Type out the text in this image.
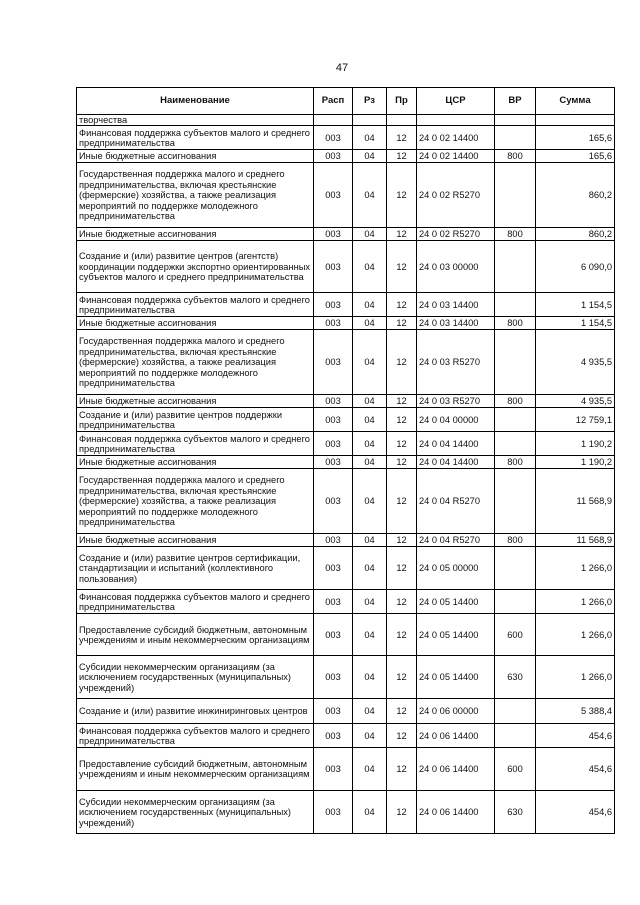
47
Наименование	Расп	Рз	Пр	ЦСР	ВР	Сумма
творчества						
Финансовая поддержка субъектов малого и среднего предпринимательства	003	04	12	24 0 02 14400		165,6
Иные бюджетные ассигнования	003	04	12	24 0 02 14400	800	165,6
Государственная поддержка малого и среднего предпринимательства, включая крестьянские (фермерские) хозяйства, а также реализация мероприятий по поддержке молодежного предпринимательства	003	04	12	24 0 02 R5270		860,2
Иные бюджетные ассигнования	003	04	12	24 0 02 R5270	800	860,2
Создание и (или) развитие центров (агентств) координации поддержки экспортно ориентированных субъектов малого и среднего предпринимательства	003	04	12	24 0 03 00000		6 090,0
Финансовая поддержка субъектов малого и среднего предпринимательства	003	04	12	24 0 03 14400		1 154,5
Иные бюджетные ассигнования	003	04	12	24 0 03 14400	800	1 154,5
Государственная поддержка малого и среднего предпринимательства, включая крестьянские (фермерские) хозяйства, а также реализация мероприятий по поддержке молодежного предпринимательства	003	04	12	24 0 03 R5270		4 935,5
Иные бюджетные ассигнования	003	04	12	24 0 03 R5270	800	4 935,5
Создание и (или) развитие центров поддержки предпринимательства	003	04	12	24 0 04 00000		12 759,1
Финансовая поддержка субъектов малого и среднего предпринимательства	003	04	12	24 0 04 14400		1 190,2
Иные бюджетные ассигнования	003	04	12	24 0 04 14400	800	1 190,2
Государственная поддержка малого и среднего предпринимательства, включая крестьянские (фермерские) хозяйства, а также реализация мероприятий по поддержке молодежного предпринимательства	003	04	12	24 0 04 R5270		11 568,9
Иные бюджетные ассигнования	003	04	12	24 0 04 R5270	800	11 568,9
Создание и (или) развитие центров сертификации, стандартизации и испытаний (коллективного пользования)	003	04	12	24 0 05 00000		1 266,0
Финансовая поддержка субъектов малого и среднего предпринимательства	003	04	12	24 0 05 14400		1 266,0
Предоставление субсидий бюджетным, автономным учреждениям и иным некоммерческим организациям	003	04	12	24 0 05 14400	600	1 266,0
Субсидии некоммерческим организациям (за исключением государственных (муниципальных) учреждений)	003	04	12	24 0 05 14400	630	1 266,0
Создание и (или) развитие инжиниринговых центров	003	04	12	24 0 06 00000		5 388,4
Финансовая поддержка субъектов малого и среднего предпринимательства	003	04	12	24 0 06 14400		454,6
Предоставление субсидий бюджетным, автономным учреждениям и иным некоммерческим организациям	003	04	12	24 0 06 14400	600	454,6
Субсидии некоммерческим организациям (за исключением государственных (муниципальных) учреждений)	003	04	12	24 0 06 14400	630	454,6
